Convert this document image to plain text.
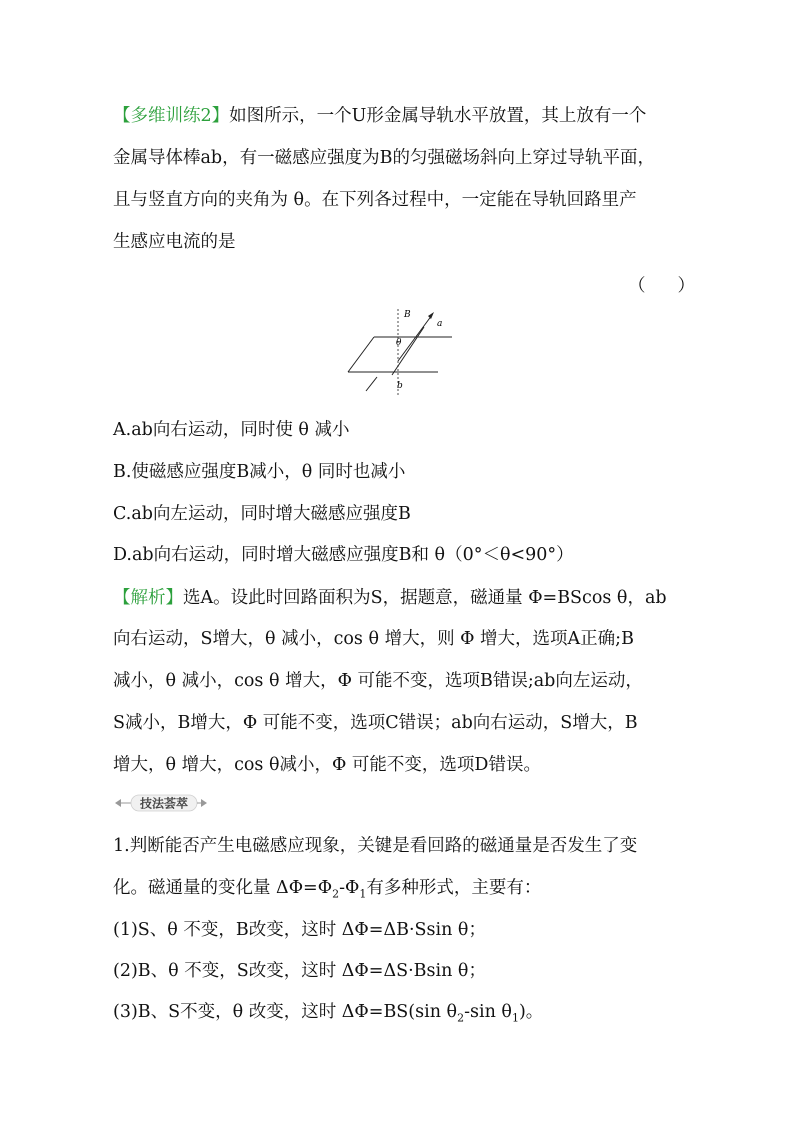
【多维训练2】如图所示，一个U形金属导轨水平放置，其上放有一个
金属导体棒ab，有一磁感应强度为B的匀强磁场斜向上穿过导轨平面，
且与竖直方向的夹角为 θ。在下列各过程中，一定能在导轨回路里产
生感应电流的是
（ ）
B
a
θ
b
A.ab向右运动，同时使 θ 减小
B.使磁感应强度B减小，θ 同时也减小
C.ab向左运动，同时增大磁感应强度B
D.ab向右运动，同时增大磁感应强度B和 θ（0°＜θ<90°）
【解析】选A。设此时回路面积为S，据题意，磁通量 Φ=BScos θ，ab
向右运动，S增大，θ 减小，cos θ 增大，则 Φ 增大，选项A正确;B
减小，θ 减小，cos θ 增大，Φ 可能不变，选项B错误;ab向左运动，
S减小，B增大，Φ 可能不变，选项C错误；ab向右运动，S增大，B
增大，θ 增大，cos θ减小，Φ 可能不变，选项D错误。
技法荟萃
1.判断能否产生电磁感应现象，关键是看回路的磁通量是否发生了变
化。磁通量的变化量 $\Delta\Phi=\Phi_2-\Phi_1$有多种形式，主要有：
(1)S、θ 不变，B改变，这时 ΔΦ=ΔB·Ssin θ；
(2)B、θ 不变，S改变，这时 ΔΦ=ΔS·Bsin θ；
(3)B、S不变，θ 改变，这时 ΔΦ=BS(sin $\theta_2-\sin$ $\theta_1$)。
